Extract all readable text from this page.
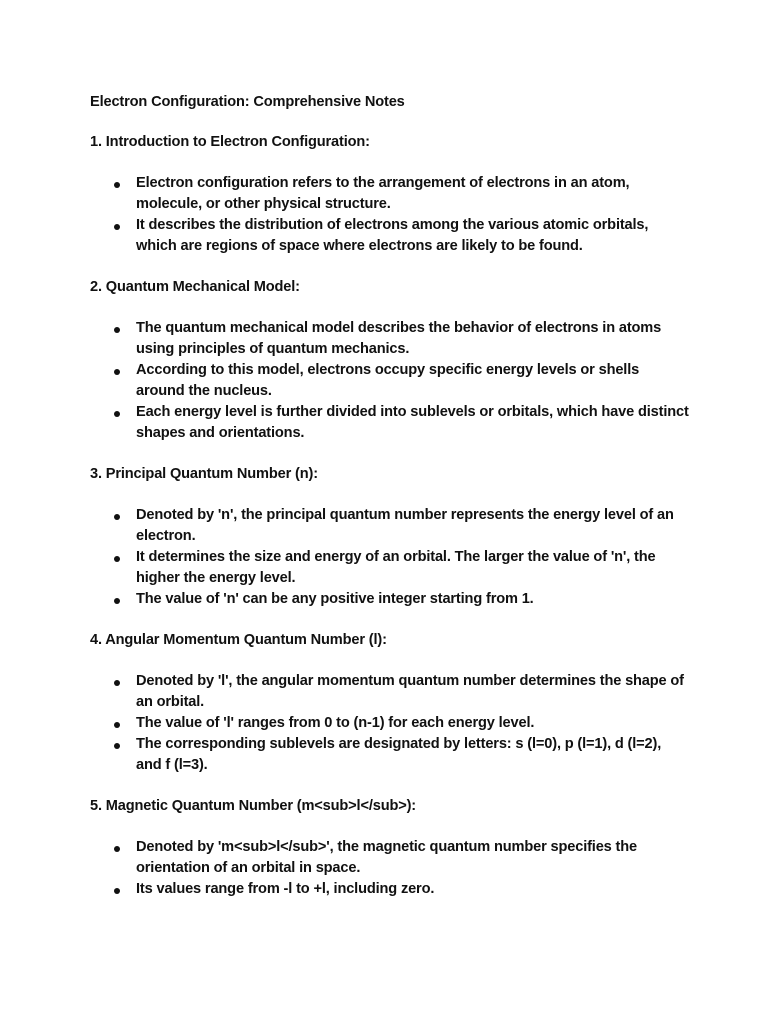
Electron Configuration: Comprehensive Notes

1. Introduction to Electron Configuration:

Electron configuration refers to the arrangement of electrons in an atom, molecule, or other physical structure.
It describes the distribution of electrons among the various atomic orbitals, which are regions of space where electrons are likely to be found.

2. Quantum Mechanical Model:

The quantum mechanical model describes the behavior of electrons in atoms using principles of quantum mechanics.
According to this model, electrons occupy specific energy levels or shells around the nucleus.
Each energy level is further divided into sublevels or orbitals, which have distinct shapes and orientations.

3. Principal Quantum Number (n):

Denoted by 'n', the principal quantum number represents the energy level of an electron.
It determines the size and energy of an orbital. The larger the value of 'n', the higher the energy level.
The value of 'n' can be any positive integer starting from 1.

4. Angular Momentum Quantum Number (l):

Denoted by 'l', the angular momentum quantum number determines the shape of an orbital.
The value of 'l' ranges from 0 to (n-1) for each energy level.
The corresponding sublevels are designated by letters: s (l=0), p (l=1), d (l=2), and f (l=3).

5. Magnetic Quantum Number (m<sub>l</sub>):

Denoted by 'm<sub>l</sub>', the magnetic quantum number specifies the orientation of an orbital in space.
Its values range from -l to +l, including zero.
